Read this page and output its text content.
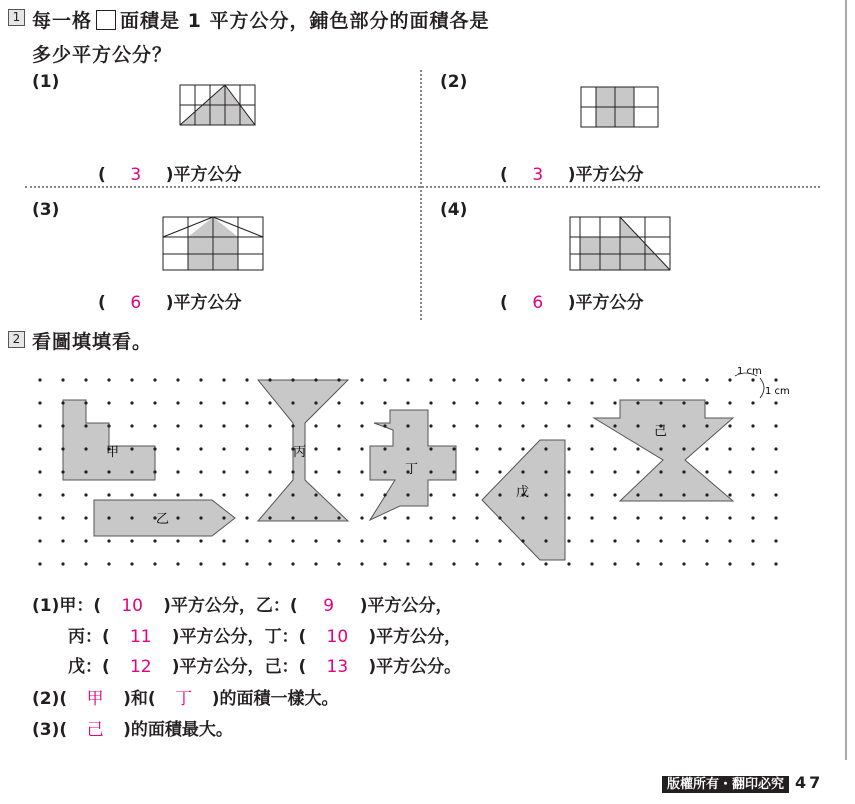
1 每一格 面積是 1 平方公分，鋪色部分的面積各是
多少平方公分？
(1)
( 3 )平方公分
(2)
( 3 )平方公分
(3)
( 6 )平方公分
(4)
( 6 )平方公分
2 看圖填填看。
甲
乙
丙
丁
戊
己
1 cm
1 cm
(1)甲：( 10 )平方公分，乙：( 9 )平方公分，
丙：( 11 )平方公分，丁：( 10 )平方公分，
戊：( 12 )平方公分，己：( 13 )平方公分。
(2)( 甲 )和( 丁 )的面積一樣大。
(3)( 己 )的面積最大。
版權所有・翻印必究 47
